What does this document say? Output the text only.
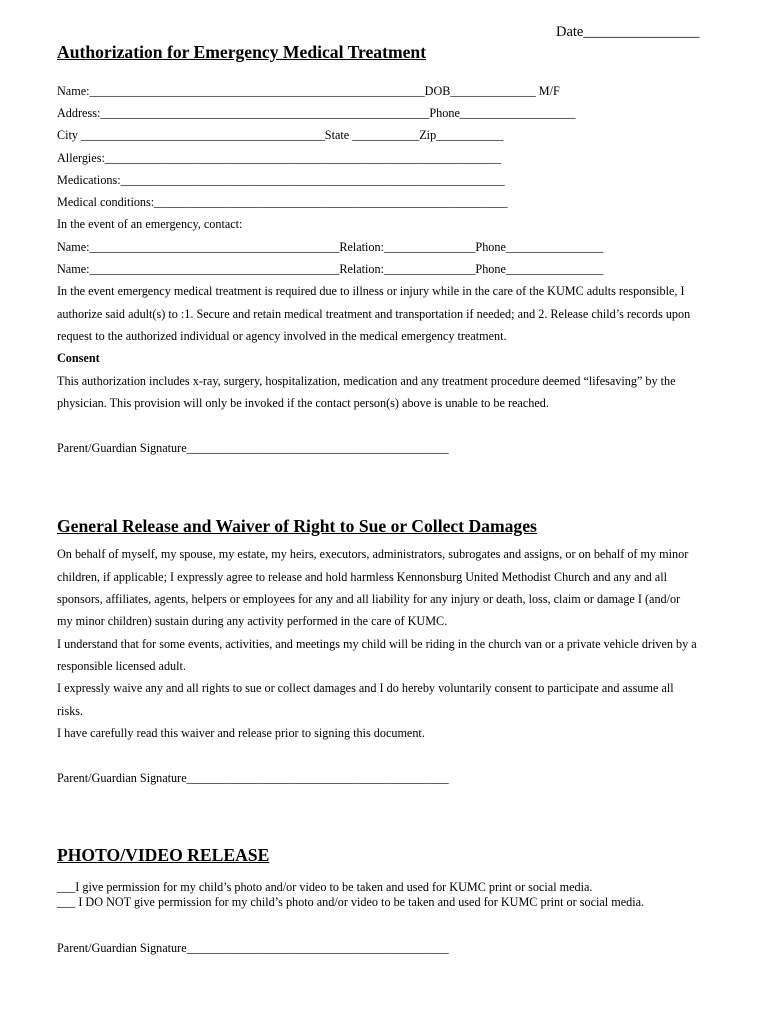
Date________________
Authorization for Emergency Medical Treatment
Name:_______________________________________________________DOB______________ M/F
Address:______________________________________________________Phone___________________
City ________________________________________State ___________Zip___________
Allergies:_________________________________________________________________
Medications:_______________________________________________________________
Medical conditions:__________________________________________________________
In the event of an emergency, contact:
Name:_________________________________________Relation:_______________Phone________________
Name:_________________________________________Relation:_______________Phone________________
In the event emergency medical treatment is required due to illness or injury while in the care of the KUMC adults responsible, I
authorize said adult(s) to :1. Secure and retain medical treatment and transportation if needed; and 2. Release child’s records upon
request to the authorized individual or agency involved in the medical emergency treatment.
Consent
This authorization includes x-ray, surgery, hospitalization, medication and any treatment procedure deemed “lifesaving” by the
physician. This provision will only be invoked if the contact person(s) above is unable to be reached.
Parent/Guardian Signature___________________________________________
General Release and Waiver of Right to Sue or Collect Damages
On behalf of myself, my spouse, my estate, my heirs, executors, administrators, subrogates and assigns, or on behalf of my minor
children, if applicable; I expressly agree to release and hold harmless Kennonsburg United Methodist Church and any and all
sponsors, affiliates, agents, helpers or employees for any and all liability for any injury or death, loss, claim or damage I (and/or
my minor children) sustain during any activity performed in the care of KUMC.
I understand that for some events, activities, and meetings my child will be riding in the church van or a private vehicle driven by a
responsible licensed adult.
I expressly waive any and all rights to sue or collect damages and I do hereby voluntarily consent to participate and assume all
risks.
I have carefully read this waiver and release prior to signing this document.
Parent/Guardian Signature___________________________________________
PHOTO/VIDEO RELEASE
___I give permission for my child’s photo and/or video to be taken and used for KUMC print or social media.
___ I DO NOT give permission for my child’s photo and/or video to be taken and used for KUMC print or social media.
Parent/Guardian Signature___________________________________________
